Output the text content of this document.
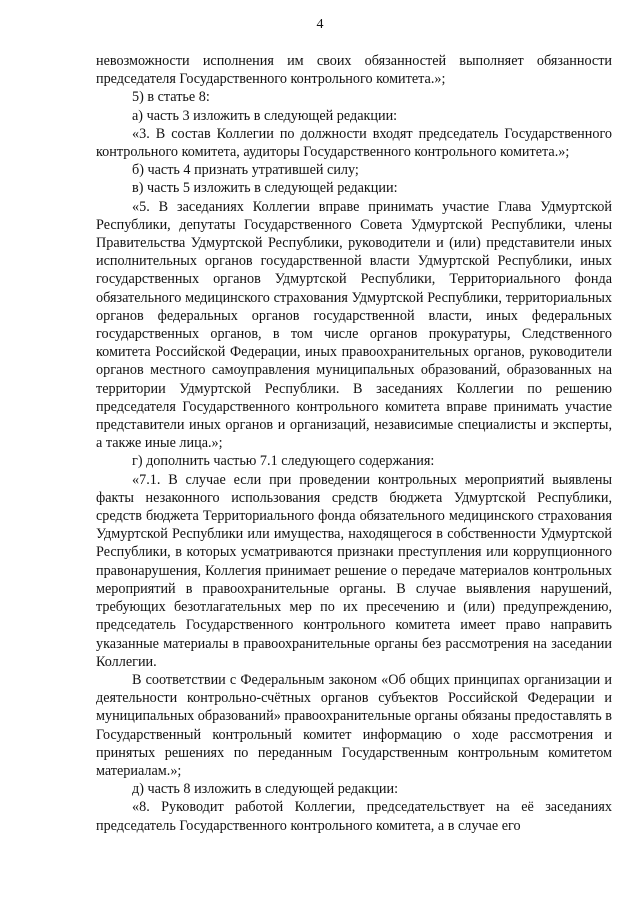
4

невозможности исполнения им своих обязанностей выполняет обязанности председателя Государственного контрольного комитета.»;

5) в статье 8:

а) часть 3 изложить в следующей редакции:

«3. В состав Коллегии по должности входят председатель Государственного контрольного комитета, аудиторы Государственного контрольного комитета.»;

б) часть 4 признать утратившей силу;

в) часть 5 изложить в следующей редакции:

«5. В заседаниях Коллегии вправе принимать участие Глава Удмуртской Республики, депутаты Государственного Совета Удмуртской Республики, члены Правительства Удмуртской Республики, руководители и (или) представители иных исполнительных органов государственной власти Удмуртской Республики, иных государственных органов Удмуртской Республики, Территориального фонда обязательного медицинского страхования Удмуртской Республики, территориальных органов федеральных органов государственной власти, иных федеральных государственных органов, в том числе органов прокуратуры, Следственного комитета Российской Федерации, иных правоохранительных органов, руководители органов местного самоуправления муниципальных образований, образованных на территории Удмуртской Республики. В заседаниях Коллегии по решению председателя Государственного контрольного комитета вправе принимать участие представители иных органов и организаций, независимые специалисты и эксперты, а также иные лица.»;

г) дополнить частью 7.1 следующего содержания:

«7.1. В случае если при проведении контрольных мероприятий выявлены факты незаконного использования средств бюджета Удмуртской Республики, средств бюджета Территориального фонда обязательного медицинского страхования Удмуртской Республики или имущества, находящегося в собственности Удмуртской Республики, в которых усматриваются признаки преступления или коррупционного правонарушения, Коллегия принимает решение о передаче материалов контрольных мероприятий в правоохранительные органы. В случае выявления нарушений, требующих безотлагательных мер по их пресечению и (или) предупреждению, председатель Государственного контрольного комитета имеет право направить указанные материалы в правоохранительные органы без рассмотрения на заседании Коллегии.

В соответствии с Федеральным законом «Об общих принципах организации и деятельности контрольно-счётных органов субъектов Российской Федерации и муниципальных образований» правоохранительные органы обязаны предоставлять в Государственный контрольный комитет информацию о ходе рассмотрения и принятых решениях по переданным Государственным контрольным комитетом материалам.»;

д) часть 8 изложить в следующей редакции:

«8. Руководит работой Коллегии, председательствует на её заседаниях председатель Государственного контрольного комитета, а в случае его
